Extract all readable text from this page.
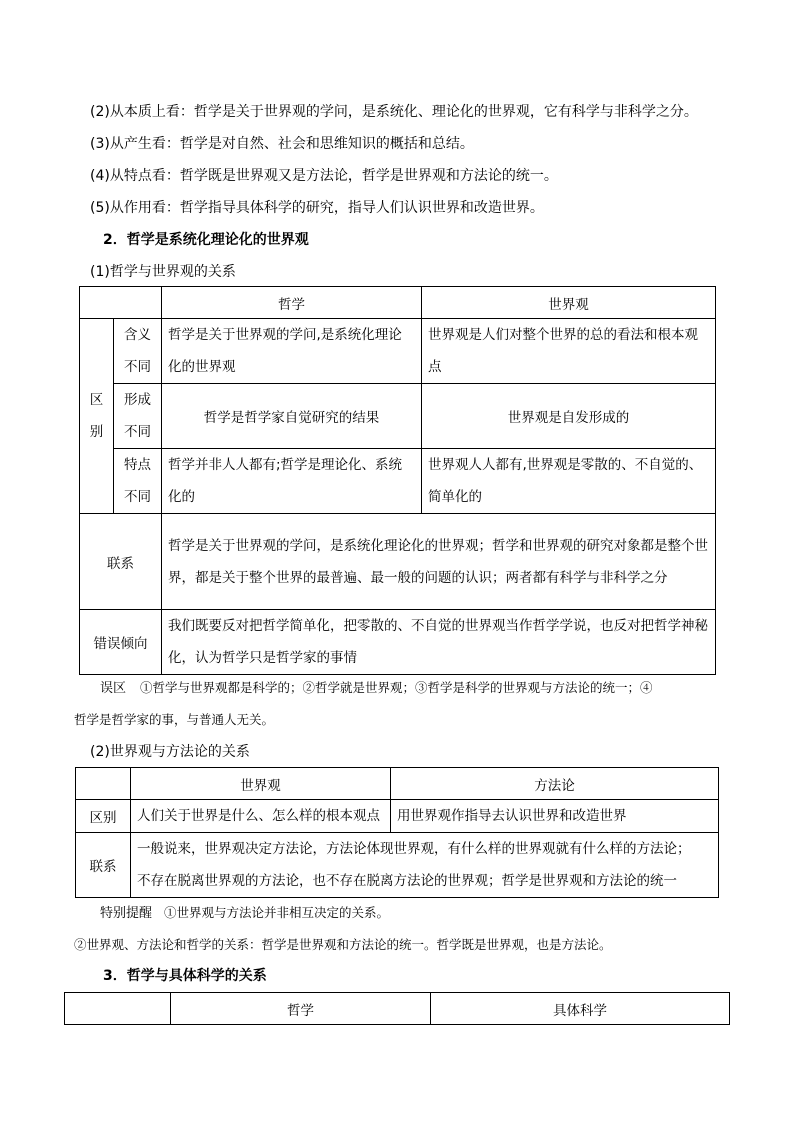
(2)从本质上看：哲学是关于世界观的学问，是系统化、理论化的世界观，它有科学与非科学之分。
(3)从产生看：哲学是对自然、社会和思维知识的概括和总结。
(4)从特点看：哲学既是世界观又是方法论，哲学是世界观和方法论的统一。
(5)从作用看：哲学指导具体科学的研究，指导人们认识世界和改造世界。
2．哲学是系统化理论化的世界观
(1)哲学与世界观的关系
		哲学	世界观

区别	含义不同	哲学是关于世界观的学问,是系统化理论化的世界观	世界观是人们对整个世界的总的看法和根本观点

	形成不同	哲学是哲学家自觉研究的结果	世界观是自发形成的

	特点不同	哲学并非人人都有;哲学是理论化、系统化的	世界观人人都有,世界观是零散的、不自觉的、简单化的
联系		哲学是关于世界观的学问，是系统化理论化的世界观；哲学和世界观的研究对象都是整个世界，都是关于整个世界的最普遍、最一般的问题的认识；两者都有科学与非科学之分	
错误倾向		我们既要反对把哲学简单化，把零散的、不自觉的世界观当作哲学学说，也反对把哲学神秘化，认为哲学只是哲学家的事情	
误区 ①哲学与世界观都是科学的；②哲学就是世界观；③哲学是科学的世界观与方法论的统一；④
哲学是哲学家的事，与普通人无关。
(2)世界观与方法论的关系
	世界观	方法论
区别	人们关于世界是什么、怎么样的根本观点	用世界观作指导去认识世界和改造世界
联系	一般说来，世界观决定方法论，方法论体现世界观，有什么样的世界观就有什么样的方法论；
不存在脱离世界观的方法论，也不存在脱离方法论的世界观；哲学是世界观和方法论的统一	
特别提醒 ①世界观与方法论并非相互决定的关系。
②世界观、方法论和哲学的关系：哲学是世界观和方法论的统一。哲学既是世界观，也是方法论。
3．哲学与具体科学的关系
	哲学	具体科学
